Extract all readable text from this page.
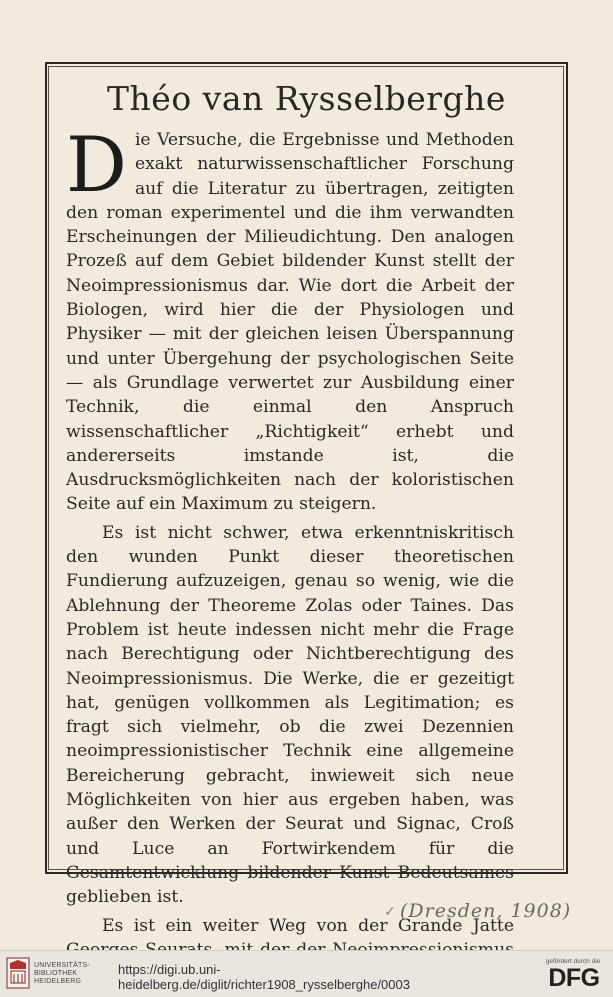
Théo van Rysselberghe

Die Versuche, die Ergebnisse und Methoden exakt naturwissenschaftlicher Forschung auf die Literatur zu übertragen, zeitigten den roman experimentel und die ihm verwandten Erscheinungen der Milieudichtung. Den analogen Prozeß auf dem Gebiet bildender Kunst stellt der Neoimpressionismus dar. Wie dort die Arbeit der Biologen, wird hier die der Physiologen und Physiker — mit der gleichen leisen Überspannung und unter Übergehung der psychologischen Seite — als Grundlage verwertet zur Ausbildung einer Technik, die einmal den Anspruch wissenschaftlicher „Richtigkeit“ erhebt und andererseits imstande ist, die Ausdrucksmöglichkeiten nach der koloristischen Seite auf ein Maximum zu steigern.

Es ist nicht schwer, etwa erkenntniskritisch den wunden Punkt dieser theoretischen Fundierung aufzuzeigen, genau so wenig, wie die Ablehnung der Theoreme Zolas oder Taines. Das Problem ist heute indessen nicht mehr die Frage nach Berechtigung oder Nichtberechtigung des Neoimpressionismus. Die Werke, die er gezeitigt hat, genügen vollkommen als Legitimation; es fragt sich vielmehr, ob die zwei Dezennien neoimpressionistischer Technik eine allgemeine Bereicherung gebracht, inwieweit sich neue Möglichkeiten von hier aus ergeben haben, was außer den Werken der Seurat und Signac, Croß und Luce an Fortwirkendem für die Gesamtentwicklung bildender Kunst Bedeutsames geblieben ist.

Es ist ein weiter Weg von der Grande Jatte

✓ (Dresden, 1908)
UNIVERSITÄTS-
BIBLIOTHEK
HEIDELBERG
https://digi.ub.uni-heidelberg.de/diglit/richter1908_rysselberghe/0003
gefördert durch die
DFG
